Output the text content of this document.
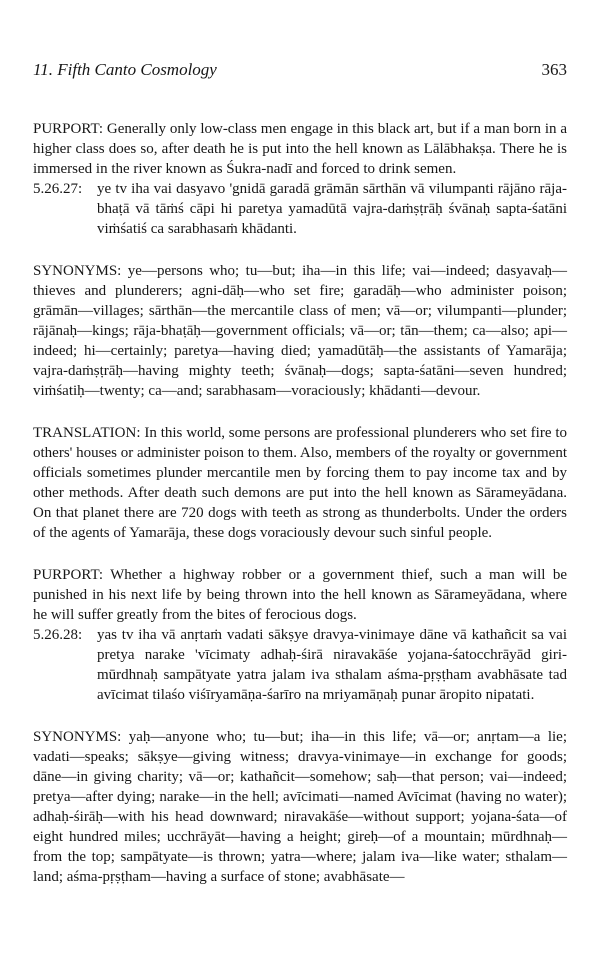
11. Fifth Canto Cosmology	363

PURPORT: Generally only low-class men engage in this black art, but if a man born in a higher class does so, after death he is put into the hell known as Lālābhakṣa. There he is immersed in the river known as Śukra-nadī and forced to drink semen.

5.26.27: ye tv iha vai dasyavo 'gnidā garadā grāmān sārthān vā vilumpanti rājāno rāja-bhaṭā vā tāṁś cāpi hi paretya yamadūtā vajra-daṁṣṭrāḥ śvānaḥ sapta-śatāni viṁśatiś ca sarabhasaṁ khādanti.

SYNONYMS: ye—persons who; tu—but; iha—in this life; vai—indeed; dasyavaḥ—thieves and plunderers; agni-dāḥ—who set fire; garadāḥ—who administer poison; grāmān—villages; sārthān—the mercantile class of men; vā—or; vilumpanti—plunder; rājānaḥ—kings; rāja-bhaṭāḥ—government officials; vā—or; tān—them; ca—also; api—indeed; hi—certainly; paretya—having died; yamadūtāḥ—the assistants of Yamarāja; vajra-daṁṣṭrāḥ—having mighty teeth; śvānaḥ—dogs; sapta-śatāni—seven hundred; viṁśatiḥ—twenty; ca—and; sarabhasam—voraciously; khādanti—devour.

TRANSLATION: In this world, some persons are professional plunderers who set fire to others' houses or administer poison to them. Also, members of the royalty or government officials sometimes plunder mercantile men by forcing them to pay income tax and by other methods. After death such demons are put into the hell known as Sārameyādana. On that planet there are 720 dogs with teeth as strong as thunderbolts. Under the orders of the agents of Yamarāja, these dogs voraciously devour such sinful people.

PURPORT: Whether a highway robber or a government thief, such a man will be punished in his next life by being thrown into the hell known as Sārameyādana, where he will suffer greatly from the bites of ferocious dogs.

5.26.28: yas tv iha vā anṛtaṁ vadati sākṣye dravya-vinimaye dāne vā kathañcit sa vai pretya narake 'vīcimaty adhaḥ-śirā niravakāśe yojana-śatocchrāyād giri-mūrdhnaḥ sampātyate yatra jalam iva sthalam aśma-pṛṣṭham avabhāsate tad avīcimat tilaśo viśīryamāṇa-śarīro na mriyamāṇaḥ punar āropito nipatati.

SYNONYMS: yaḥ—anyone who; tu—but; iha—in this life; vā—or; anṛtam—a lie; vadati—speaks; sākṣye—giving witness; dravya-vinimaye—in exchange for goods; dāne—in giving charity; vā—or; kathañcit—somehow; saḥ—that person; vai—indeed; pretya—after dying; narake—in the hell; avīcimati—named Avīcimat (having no water); adhaḥ-śirāḥ—with his head downward; niravakāśe—without support; yojana-śata—of eight hundred miles; ucchrāyāt—having a height; gireḥ—of a mountain; mūrdhnaḥ—from the top; sampātyate—is thrown; yatra—where; jalam iva—like water; sthalam—land; aśma-pṛṣṭham—having a surface of stone; avabhāsate—
